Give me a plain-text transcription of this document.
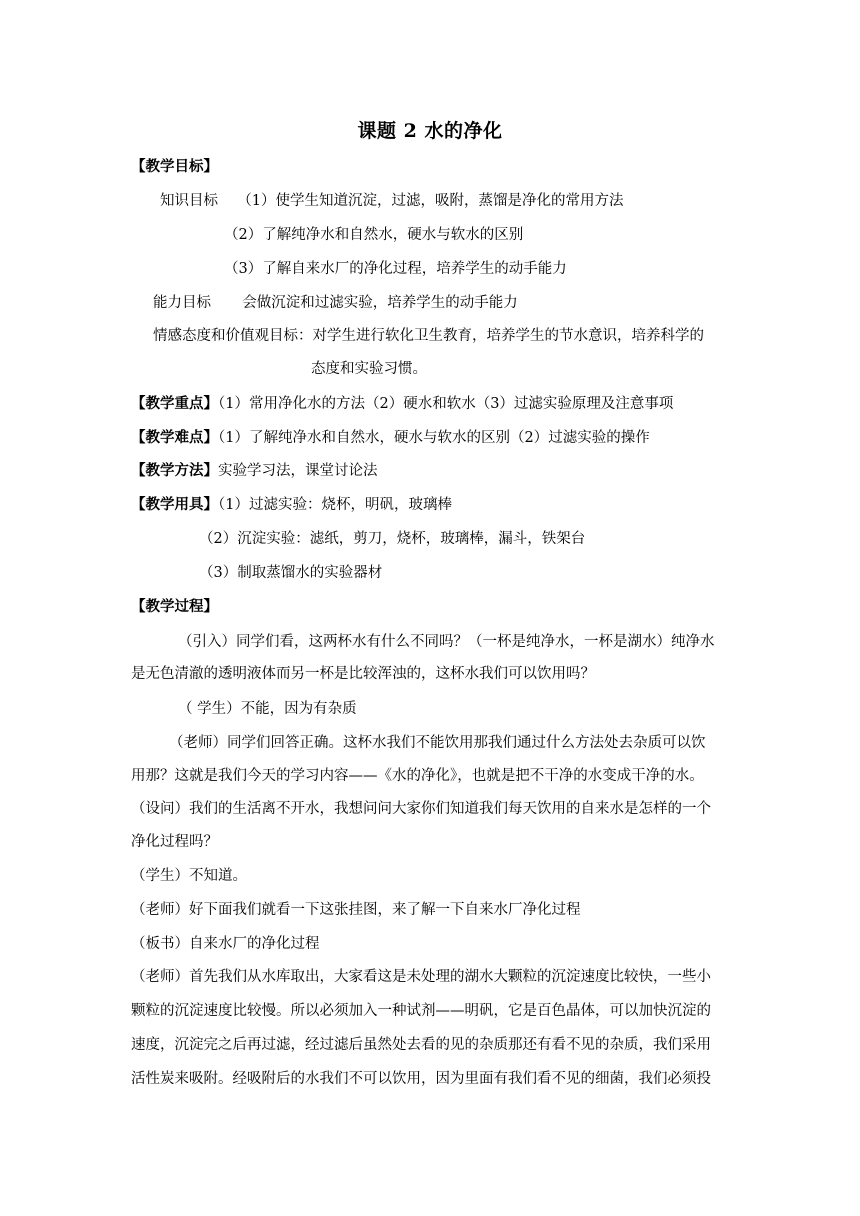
课题 2 水的净化
【教学目标】
知识目标 （1）使学生知道沉淀，过滤，吸附，蒸馏是净化的常用方法
（2）了解纯净水和自然水，硬水与软水的区别
（3）了解自来水厂的净化过程，培养学生的动手能力
能力目标 会做沉淀和过滤实验，培养学生的动手能力
情感态度和价值观目标：对学生进行软化卫生教育，培养学生的节水意识，培养科学的
态度和实验习惯。
【教学重点】（1）常用净化水的方法（2）硬水和软水（3）过滤实验原理及注意事项
【教学难点】（1）了解纯净水和自然水，硬水与软水的区别（2）过滤实验的操作
【教学方法】实验学习法，课堂讨论法
【教学用具】（1）过滤实验：烧杯，明矾，玻璃棒
（2）沉淀实验：滤纸，剪刀，烧杯，玻璃棒，漏斗，铁架台
（3）制取蒸馏水的实验器材
【教学过程】
（引入）同学们看，这两杯水有什么不同吗？（一杯是纯净水，一杯是湖水）纯净水
是无色清澈的透明液体而另一杯是比较浑浊的，这杯水我们可以饮用吗？
（ 学生）不能，因为有杂质
（老师）同学们回答正确。这杯水我们不能饮用那我们通过什么方法处去杂质可以饮
用那？这就是我们今天的学习内容——《水的净化》，也就是把不干净的水变成干净的水。
（设问）我们的生活离不开水，我想问问大家你们知道我们每天饮用的自来水是怎样的一个
净化过程吗？
（学生）不知道。
（老师）好下面我们就看一下这张挂图，来了解一下自来水厂净化过程
（板书）自来水厂的净化过程
（老师）首先我们从水库取出，大家看这是未处理的湖水大颗粒的沉淀速度比较快，一些小
颗粒的沉淀速度比较慢。所以必须加入一种试剂——明矾，它是百色晶体，可以加快沉淀的
速度，沉淀完之后再过滤，经过滤后虽然处去看的见的杂质那还有看不见的杂质，我们采用
活性炭来吸附。经吸附后的水我们不可以饮用，因为里面有我们看不见的细菌，我们必须投
